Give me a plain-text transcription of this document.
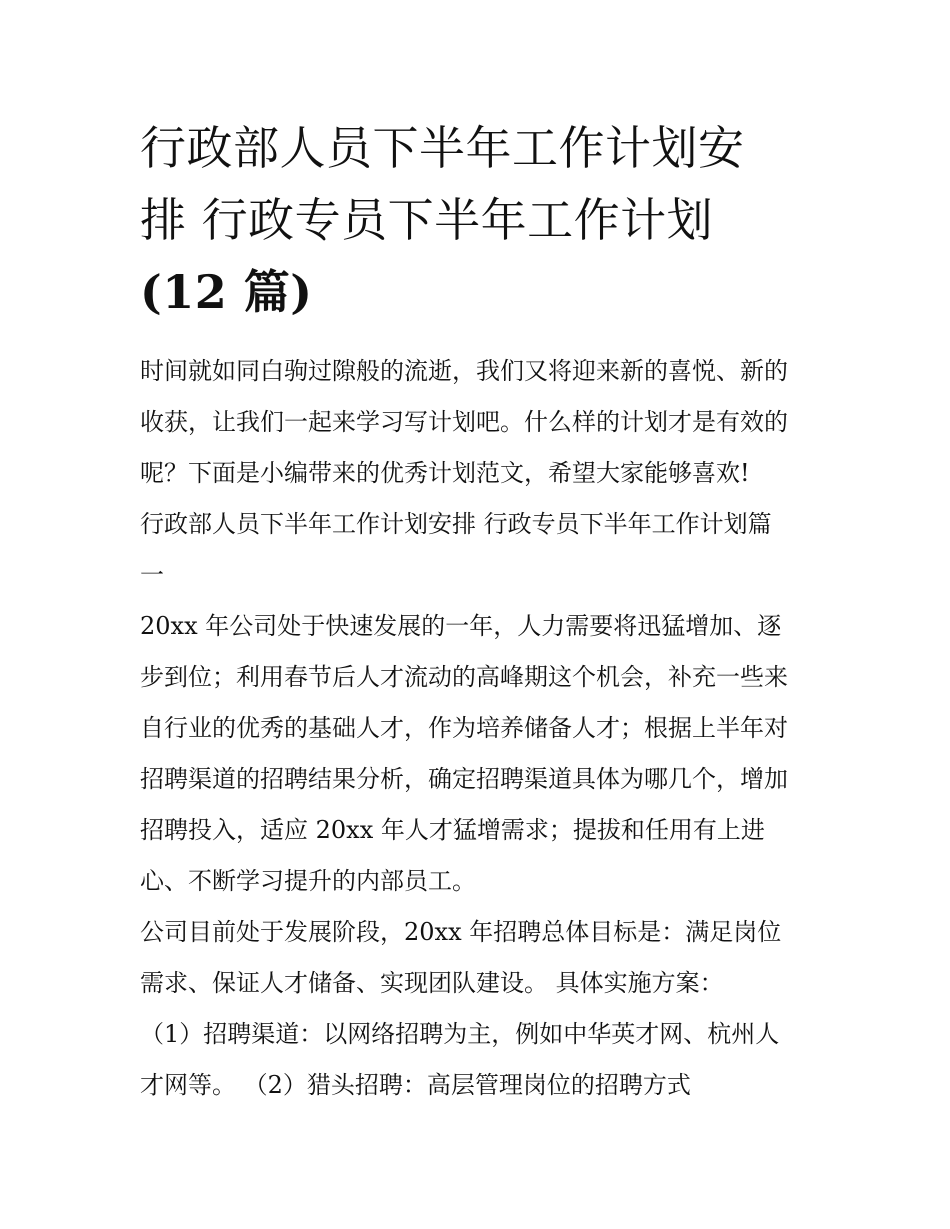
行政部人员下半年工作计划安
排 行政专员下半年工作计划
(12 篇)
时间就如同白驹过隙般的流逝，我们又将迎来新的喜悦、新的
收获，让我们一起来学习写计划吧。什么样的计划才是有效的
呢？下面是小编带来的优秀计划范文，希望大家能够喜欢!
行政部人员下半年工作计划安排 行政专员下半年工作计划篇
一
20xx 年公司处于快速发展的一年，人力需要将迅猛增加、逐
步到位；利用春节后人才流动的高峰期这个机会，补充一些来
自行业的优秀的基础人才，作为培养储备人才；根据上半年对
招聘渠道的招聘结果分析，确定招聘渠道具体为哪几个，增加
招聘投入，适应 20xx 年人才猛增需求；提拔和任用有上进
心、不断学习提升的内部员工。
公司目前处于发展阶段，20xx 年招聘总体目标是：满足岗位
需求、保证人才储备、实现团队建设。 具体实施方案：
（1）招聘渠道：以网络招聘为主，例如中华英才网、杭州人
才网等。 （2）猎头招聘：高层管理岗位的招聘方式
